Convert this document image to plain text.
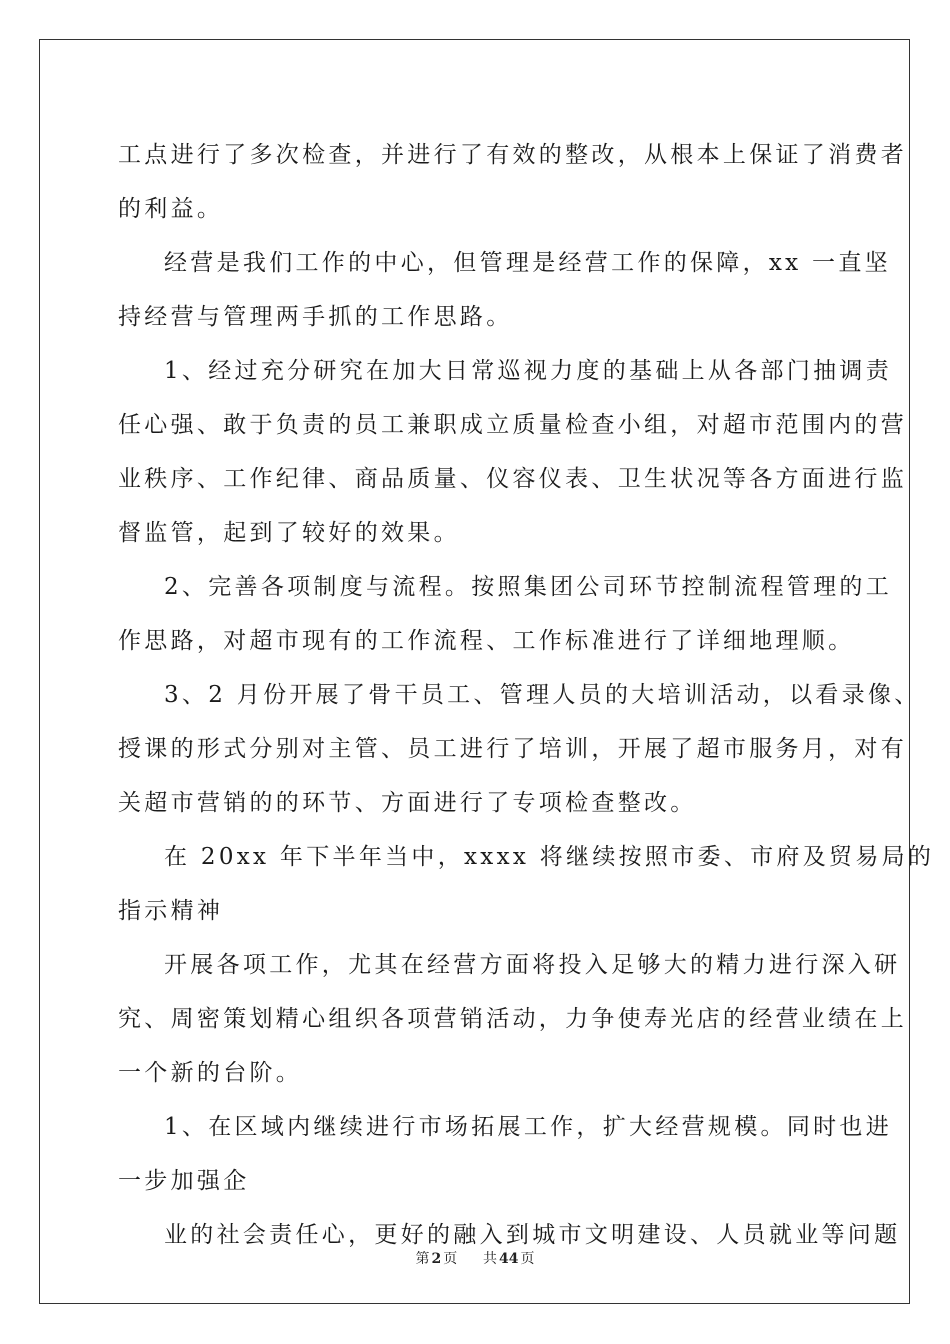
工点进行了多次检查，并进行了有效的整改，从根本上保证了消费者
的利益。
经营是我们工作的中心，但管理是经营工作的保障，xx 一直坚
持经营与管理两手抓的工作思路。
1、经过充分研究在加大日常巡视力度的基础上从各部门抽调责
任心强、敢于负责的员工兼职成立质量检查小组，对超市范围内的营
业秩序、工作纪律、商品质量、仪容仪表、卫生状况等各方面进行监
督监管，起到了较好的效果。
2、完善各项制度与流程。按照集团公司环节控制流程管理的工
作思路，对超市现有的工作流程、工作标准进行了详细地理顺。
3、2 月份开展了骨干员工、管理人员的大培训活动，以看录像、
授课的形式分别对主管、员工进行了培训，开展了超市服务月，对有
关超市营销的的环节、方面进行了专项检查整改。
在 20xx 年下半年当中，xxxx 将继续按照市委、市府及贸易局的
指示精神
开展各项工作，尤其在经营方面将投入足够大的精力进行深入研
究、周密策划精心组织各项营销活动，力争使寿光店的经营业绩在上
一个新的台阶。
1、在区域内继续进行市场拓展工作，扩大经营规模。同时也进
一步加强企
业的社会责任心，更好的融入到城市文明建设、人员就业等问题
第 2 页 共 44 页
